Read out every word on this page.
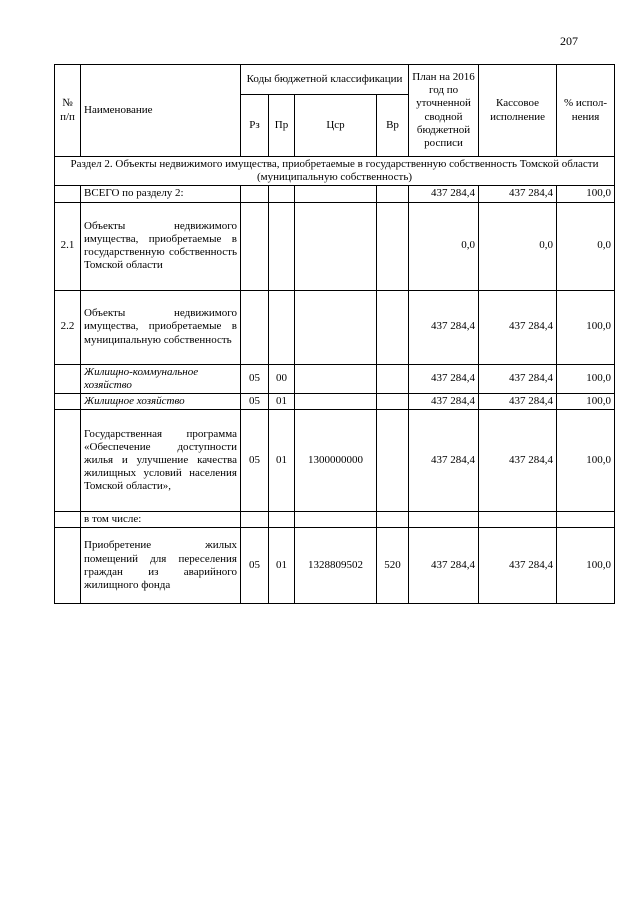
207
№ п/п	Наименование	Коды бюджетной классификации				План на 2016 год по уточненной сводной бюджетной росписи	Кассовое исполнение	% испол-нения
		Рз	Пр	Цср	Вр			
Раздел 2. Объекты недвижимого имущества, приобретаемые в государственную собственность Томской области (муниципальную собственность)								
	ВСЕГО по разделу 2:					437 284,4	437 284,4	100,0
2.1	Объекты недвижимого имущества, приобретаемые в государственную собственность Томской области					0,0	0,0	0,0
2.2	Объекты недвижимого имущества, приобретаемые в муниципальную собственность					437 284,4	437 284,4	100,0
	Жилищно-коммунальное хозяйство	05	00			437 284,4	437 284,4	100,0
	Жилищное хозяйство	05	01			437 284,4	437 284,4	100,0
	Государственная программа «Обеспечение доступности жилья и улучшение качества жилищных условий населения Томской области»,	05	01	1300000000		437 284,4	437 284,4	100,0
	в том числе:							
	Приобретение жилых помещений для переселения граждан из аварийного жилищного фонда	05	01	1328809502	520	437 284,4	437 284,4	100,0
